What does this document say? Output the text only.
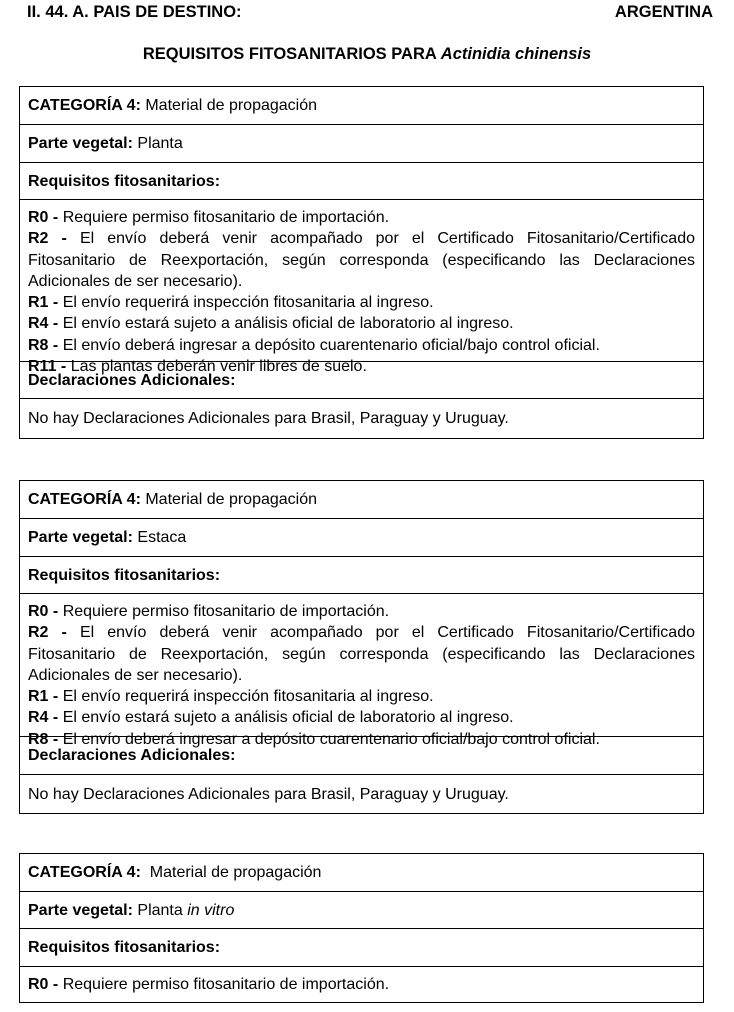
II. 44. A. PAIS DE DESTINO:	ARGENTINA
REQUISITOS FITOSANITARIOS PARA Actinidia chinensis
CATEGORÍA 4:
Material de propagación
Parte vegetal:
Planta
Requisitos fitosanitarios:

R0 - Requiere permiso fitosanitario de importación.

R2 - El envío deberá venir acompañado por el Certificado Fitosanitario/Certificado Fitosanitario de Reexportación, según corresponda (especificando las Declaraciones Adicionales de ser necesario).

R1 - El envío requerirá inspección fitosanitaria al ingreso.

R4 - El envío estará sujeto a análisis oficial de laboratorio al ingreso.

R8 - El envío deberá ingresar a depósito cuarentenario oficial/bajo control oficial.

R11 - Las plantas deberán venir libres de suelo.

Declaraciones Adicionales:
No hay Declaraciones Adicionales para Brasil, Paraguay y Uruguay.
CATEGORÍA 4:
Material de propagación
Parte vegetal:
Estaca
Requisitos fitosanitarios:

R0 - Requiere permiso fitosanitario de importación.

R2 - El envío deberá venir acompañado por el Certificado Fitosanitario/Certificado Fitosanitario de Reexportación, según corresponda (especificando las Declaraciones Adicionales de ser necesario).

R1 - El envío requerirá inspección fitosanitaria al ingreso.

R4 - El envío estará sujeto a análisis oficial de laboratorio al ingreso.

R8 - El envío deberá ingresar a depósito cuarentenario oficial/bajo control oficial.

Declaraciones Adicionales:
No hay Declaraciones Adicionales para Brasil, Paraguay y Uruguay.
CATEGORÍA 4:
Material de propagación
Parte vegetal:
Planta
in vitro
Requisitos fitosanitarios:
R0 - Requiere permiso fitosanitario de importación.
